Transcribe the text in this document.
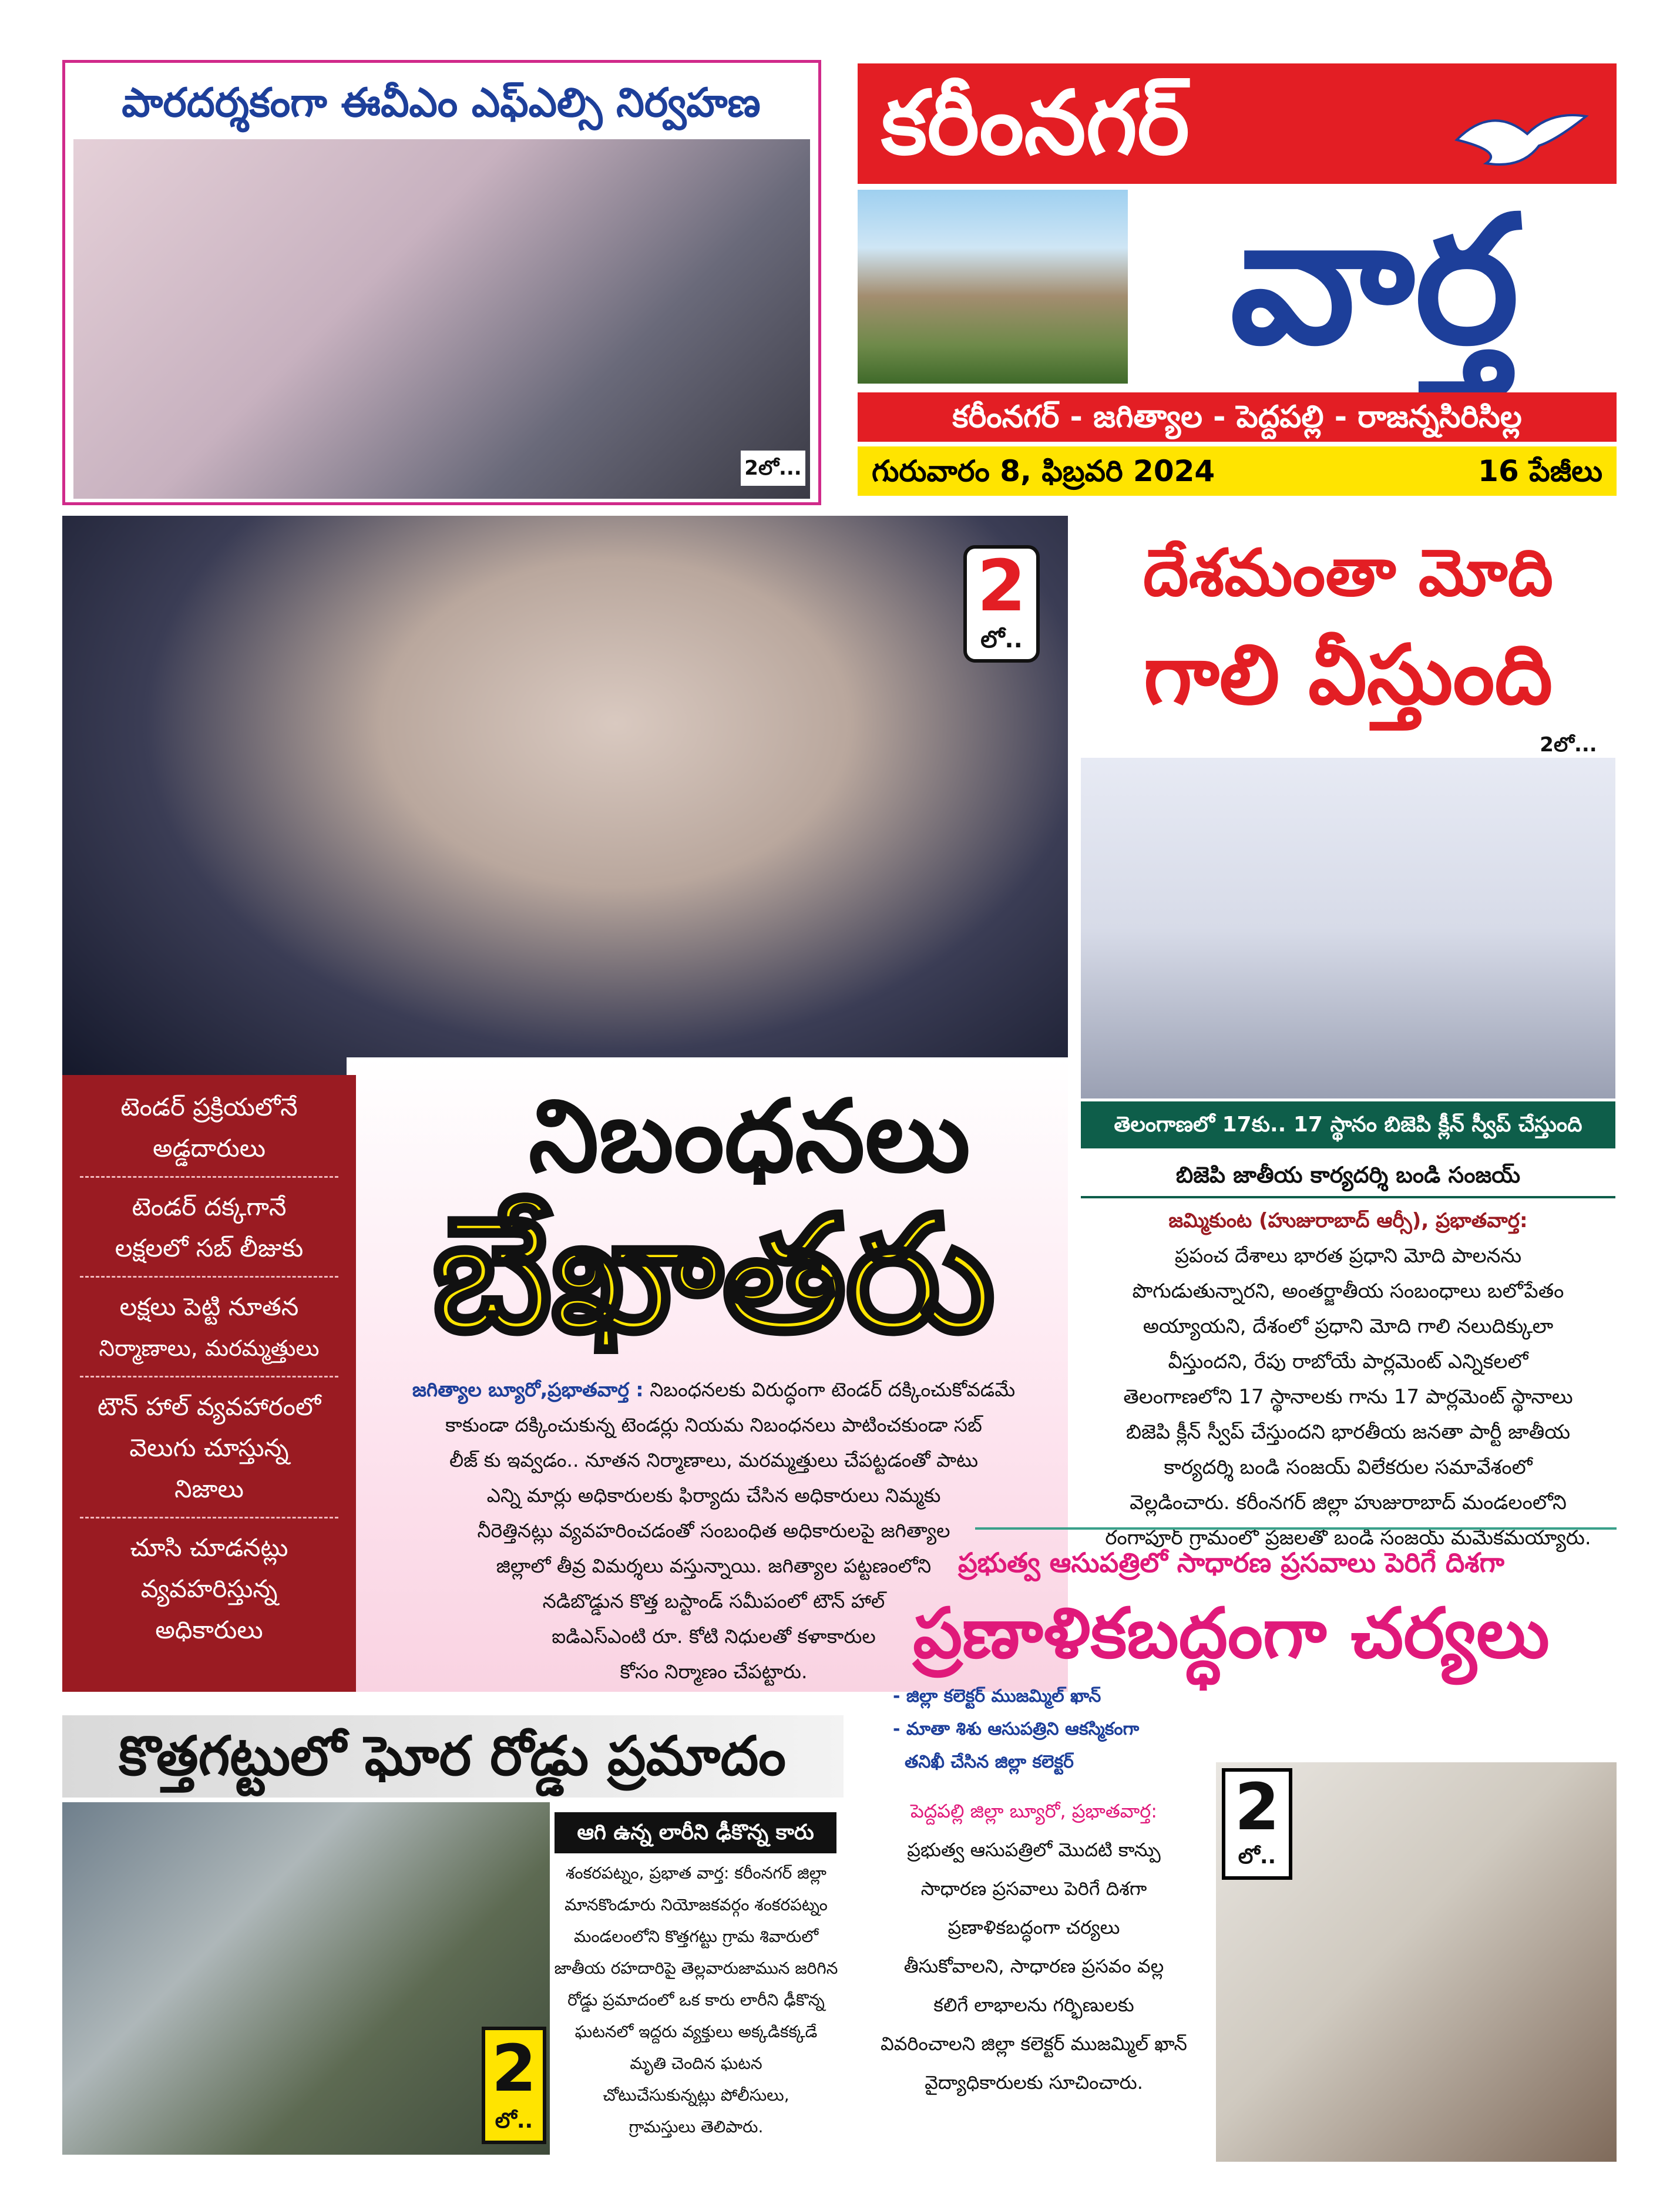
పారదర్శకంగా ఈవీఎం ఎఫ్ఎల్సి నిర్వహణ
2లో...
కరీంనగర్
వార్త
కరీంనగర్ - జగిత్యాల - పెద్దపల్లి - రాజన్నసిరిసిల్ల
గురువారం 8, ఫిబ్రవరి 2024	16 పేజీలు
2
లో..
నిబంధనలు
బేఖాతరు
టెండర్ ప్రక్రియలోనే
అడ్డదారులు
టెండర్ దక్కగానే
లక్షలలో సబ్ లీజుకు
లక్షలు పెట్టి నూతన
నిర్మాణాలు, మరమ్మత్తులు
టౌన్ హాల్ వ్యవహారంలో
వెలుగు చూస్తున్న
నిజాలు
చూసి చూడనట్లు
వ్యవహరిస్తున్న
అధికారులు
జగిత్యాల బ్యూరో,ప్రభాతవార్త : నిబంధనలకు విరుద్ధంగా టెండర్ దక్కించుకోవడమే
కాకుండా దక్కించుకున్న టెండర్లు నియమ నిబంధనలు పాటించకుండా సబ్
లీజ్ కు ఇవ్వడం.. నూతన నిర్మాణాలు, మరమ్మత్తులు చేపట్టడంతో పాటు
ఎన్ని మార్లు అధికారులకు ఫిర్యాదు చేసిన అధికారులు నిమ్మకు
నీరెత్తినట్లు వ్యవహరించడంతో సంబంధిత అధికారులపై జగిత్యాల
జిల్లాలో తీవ్ర విమర్శలు వస్తున్నాయి. జగిత్యాల పట్టణంలోని
నడిబొడ్డున కొత్త బస్టాండ్ సమీపంలో టౌన్ హాల్
ఐడిఎస్ఎంటి రూ. కోటి నిధులతో కళాకారుల
కోసం నిర్మాణం చేపట్టారు.
దేశమంతా మోది
గాలి వీస్తుంది
2లో...
తెలంగాణలో 17కు.. 17 స్థానం బిజెపి క్లీన్ స్వీప్ చేస్తుంది
బిజెపి జాతీయ కార్యదర్శి బండి సంజయ్
జమ్మికుంట (హుజురాబాద్ ఆర్సీ), ప్రభాతవార్త:
ప్రపంచ దేశాలు భారత ప్రధాని మోది పాలనను
పొగుడుతున్నారని, అంతర్జాతీయ సంబంధాలు బలోపేతం
అయ్యాయని, దేశంలో ప్రధాని మోది గాలి నలుదిక్కులా
వీస్తుందని, రేపు రాబోయే పార్లమెంట్ ఎన్నికలలో
తెలంగాణలోని 17 స్థానాలకు గాను 17 పార్లమెంట్ స్థానాలు
బిజెపి క్లీన్ స్వీప్ చేస్తుందని భారతీయ జనతా పార్టీ జాతీయ
కార్యదర్శి బండి సంజయ్ విలేకరుల సమావేశంలో
వెల్లడించారు. కరీంనగర్ జిల్లా హుజురాబాద్ మండలంలోని
రంగాపూర్ గ్రామంలో ప్రజలతో బండి సంజయ్ మమేకమయ్యారు.
ప్రభుత్వ ఆసుపత్రిలో సాధారణ ప్రసవాలు పెరిగే దిశగా
ప్రణాళికబద్ధంగా చర్యలు
- జిల్లా కలెక్టర్ ముజమ్మిల్ ఖాన్
- మాతా శిశు ఆసుపత్రిని ఆకస్మికంగా
తనిఖీ చేసిన జిల్లా కలెక్టర్
పెద్దపల్లి జిల్లా బ్యూరో, ప్రభాతవార్త:
ప్రభుత్వ ఆసుపత్రిలో మొదటి కాన్పు
సాధారణ ప్రసవాలు పెరిగే దిశగా
ప్రణాళికబద్ధంగా చర్యలు
తీసుకోవాలని, సాధారణ ప్రసవం వల్ల
కలిగే లాభాలను గర్భిణులకు
వివరించాలని జిల్లా కలెక్టర్ ముజమ్మిల్ ఖాన్
వైద్యాధికారులకు సూచించారు.
2
లో..
కొత్తగట్టులో ఘోర రోడ్డు ప్రమాదం
2
లో..
ఆగి ఉన్న లారీని ఢీకొన్న కారు
శంకరపట్నం, ప్రభాత వార్త: కరీంనగర్ జిల్లా
మానకొండూరు నియోజకవర్గం శంకరపట్నం
మండలంలోని కొత్తగట్టు గ్రామ శివారులో
జాతీయ రహదారిపై తెల్లవారుజామున జరిగిన
రోడ్డు ప్రమాదంలో ఒక కారు లారీని ఢీకొన్న
ఘటనలో ఇద్దరు వ్యక్తులు అక్కడికక్కడే
మృతి చెందిన ఘటన
చోటుచేసుకున్నట్లు పోలీసులు,
గ్రామస్తులు తెలిపారు.
